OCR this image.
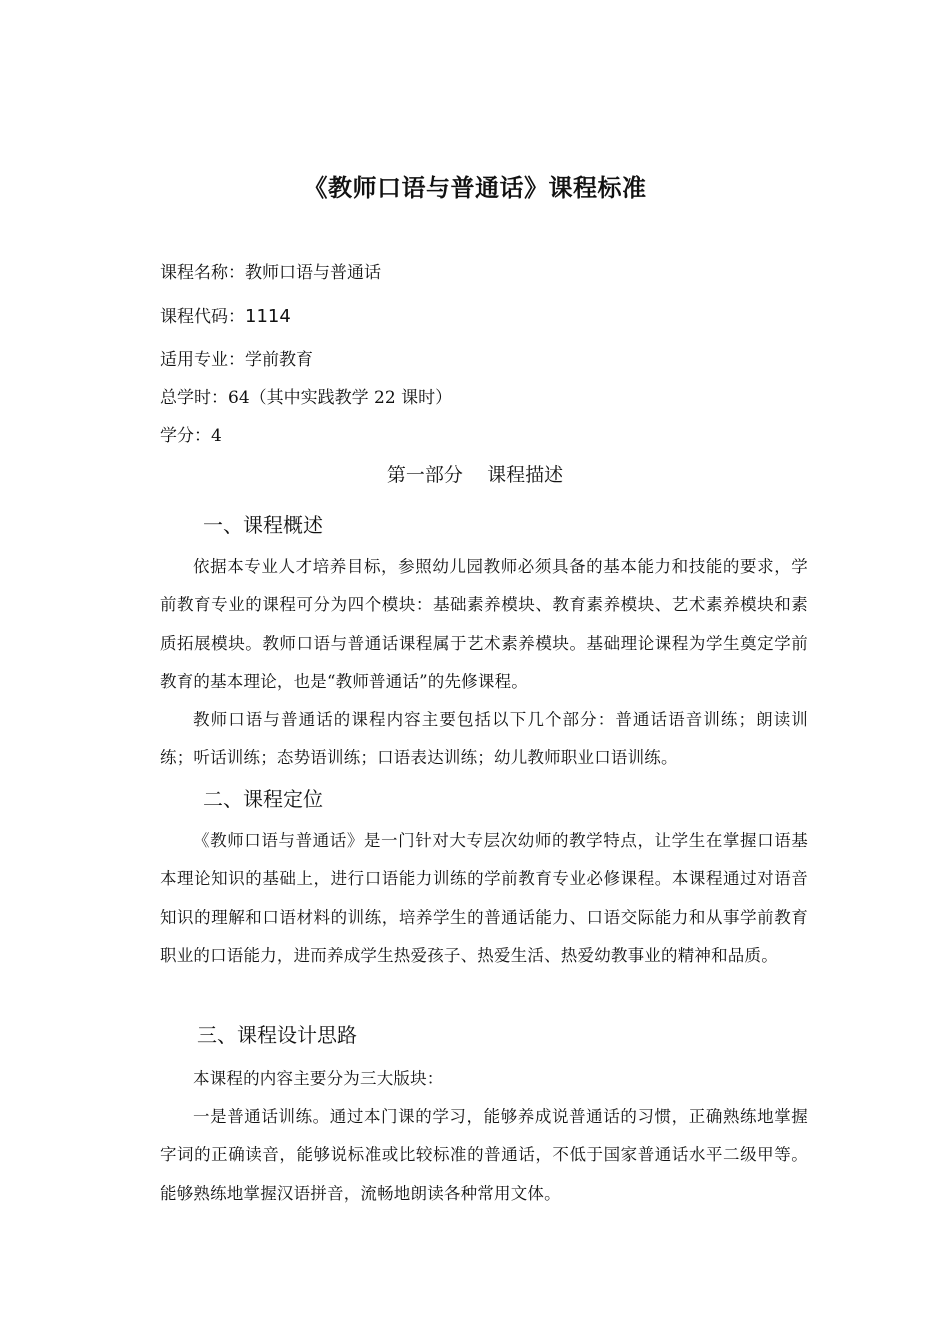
《教师口语与普通话》课程标准
课程名称：教师口语与普通话
课程代码：1114
适用专业：学前教育
总学时：64（其中实践教学 22 课时）
学分：4
第一部分    课程描述
一、课程概述
依据本专业人才培养目标，参照幼儿园教师必须具备的基本能力和技能的要求，学前教育专业的课程可分为四个模块：基础素养模块、教育素养模块、艺术素养模块和素质拓展模块。教师口语与普通话课程属于艺术素养模块。基础理论课程为学生奠定学前教育的基本理论，也是“教师普通话”的先修课程。
教师口语与普通话的课程内容主要包括以下几个部分：普通话语音训练；朗读训练；听话训练；态势语训练；口语表达训练；幼儿教师职业口语训练。
二、课程定位
《教师口语与普通话》是一门针对大专层次幼师的教学特点，让学生在掌握口语基本理论知识的基础上，进行口语能力训练的学前教育专业必修课程。本课程通过对语音知识的理解和口语材料的训练，培养学生的普通话能力、口语交际能力和从事学前教育职业的口语能力，进而养成学生热爱孩子、热爱生活、热爱幼教事业的精神和品质。
三、课程设计思路
本课程的内容主要分为三大版块：
一是普通话训练。通过本门课的学习，能够养成说普通话的习惯，正确熟练地掌握字词的正确读音，能够说标准或比较标准的普通话，不低于国家普通话水平二级甲等。能够熟练地掌握汉语拼音，流畅地朗读各种常用文体。
